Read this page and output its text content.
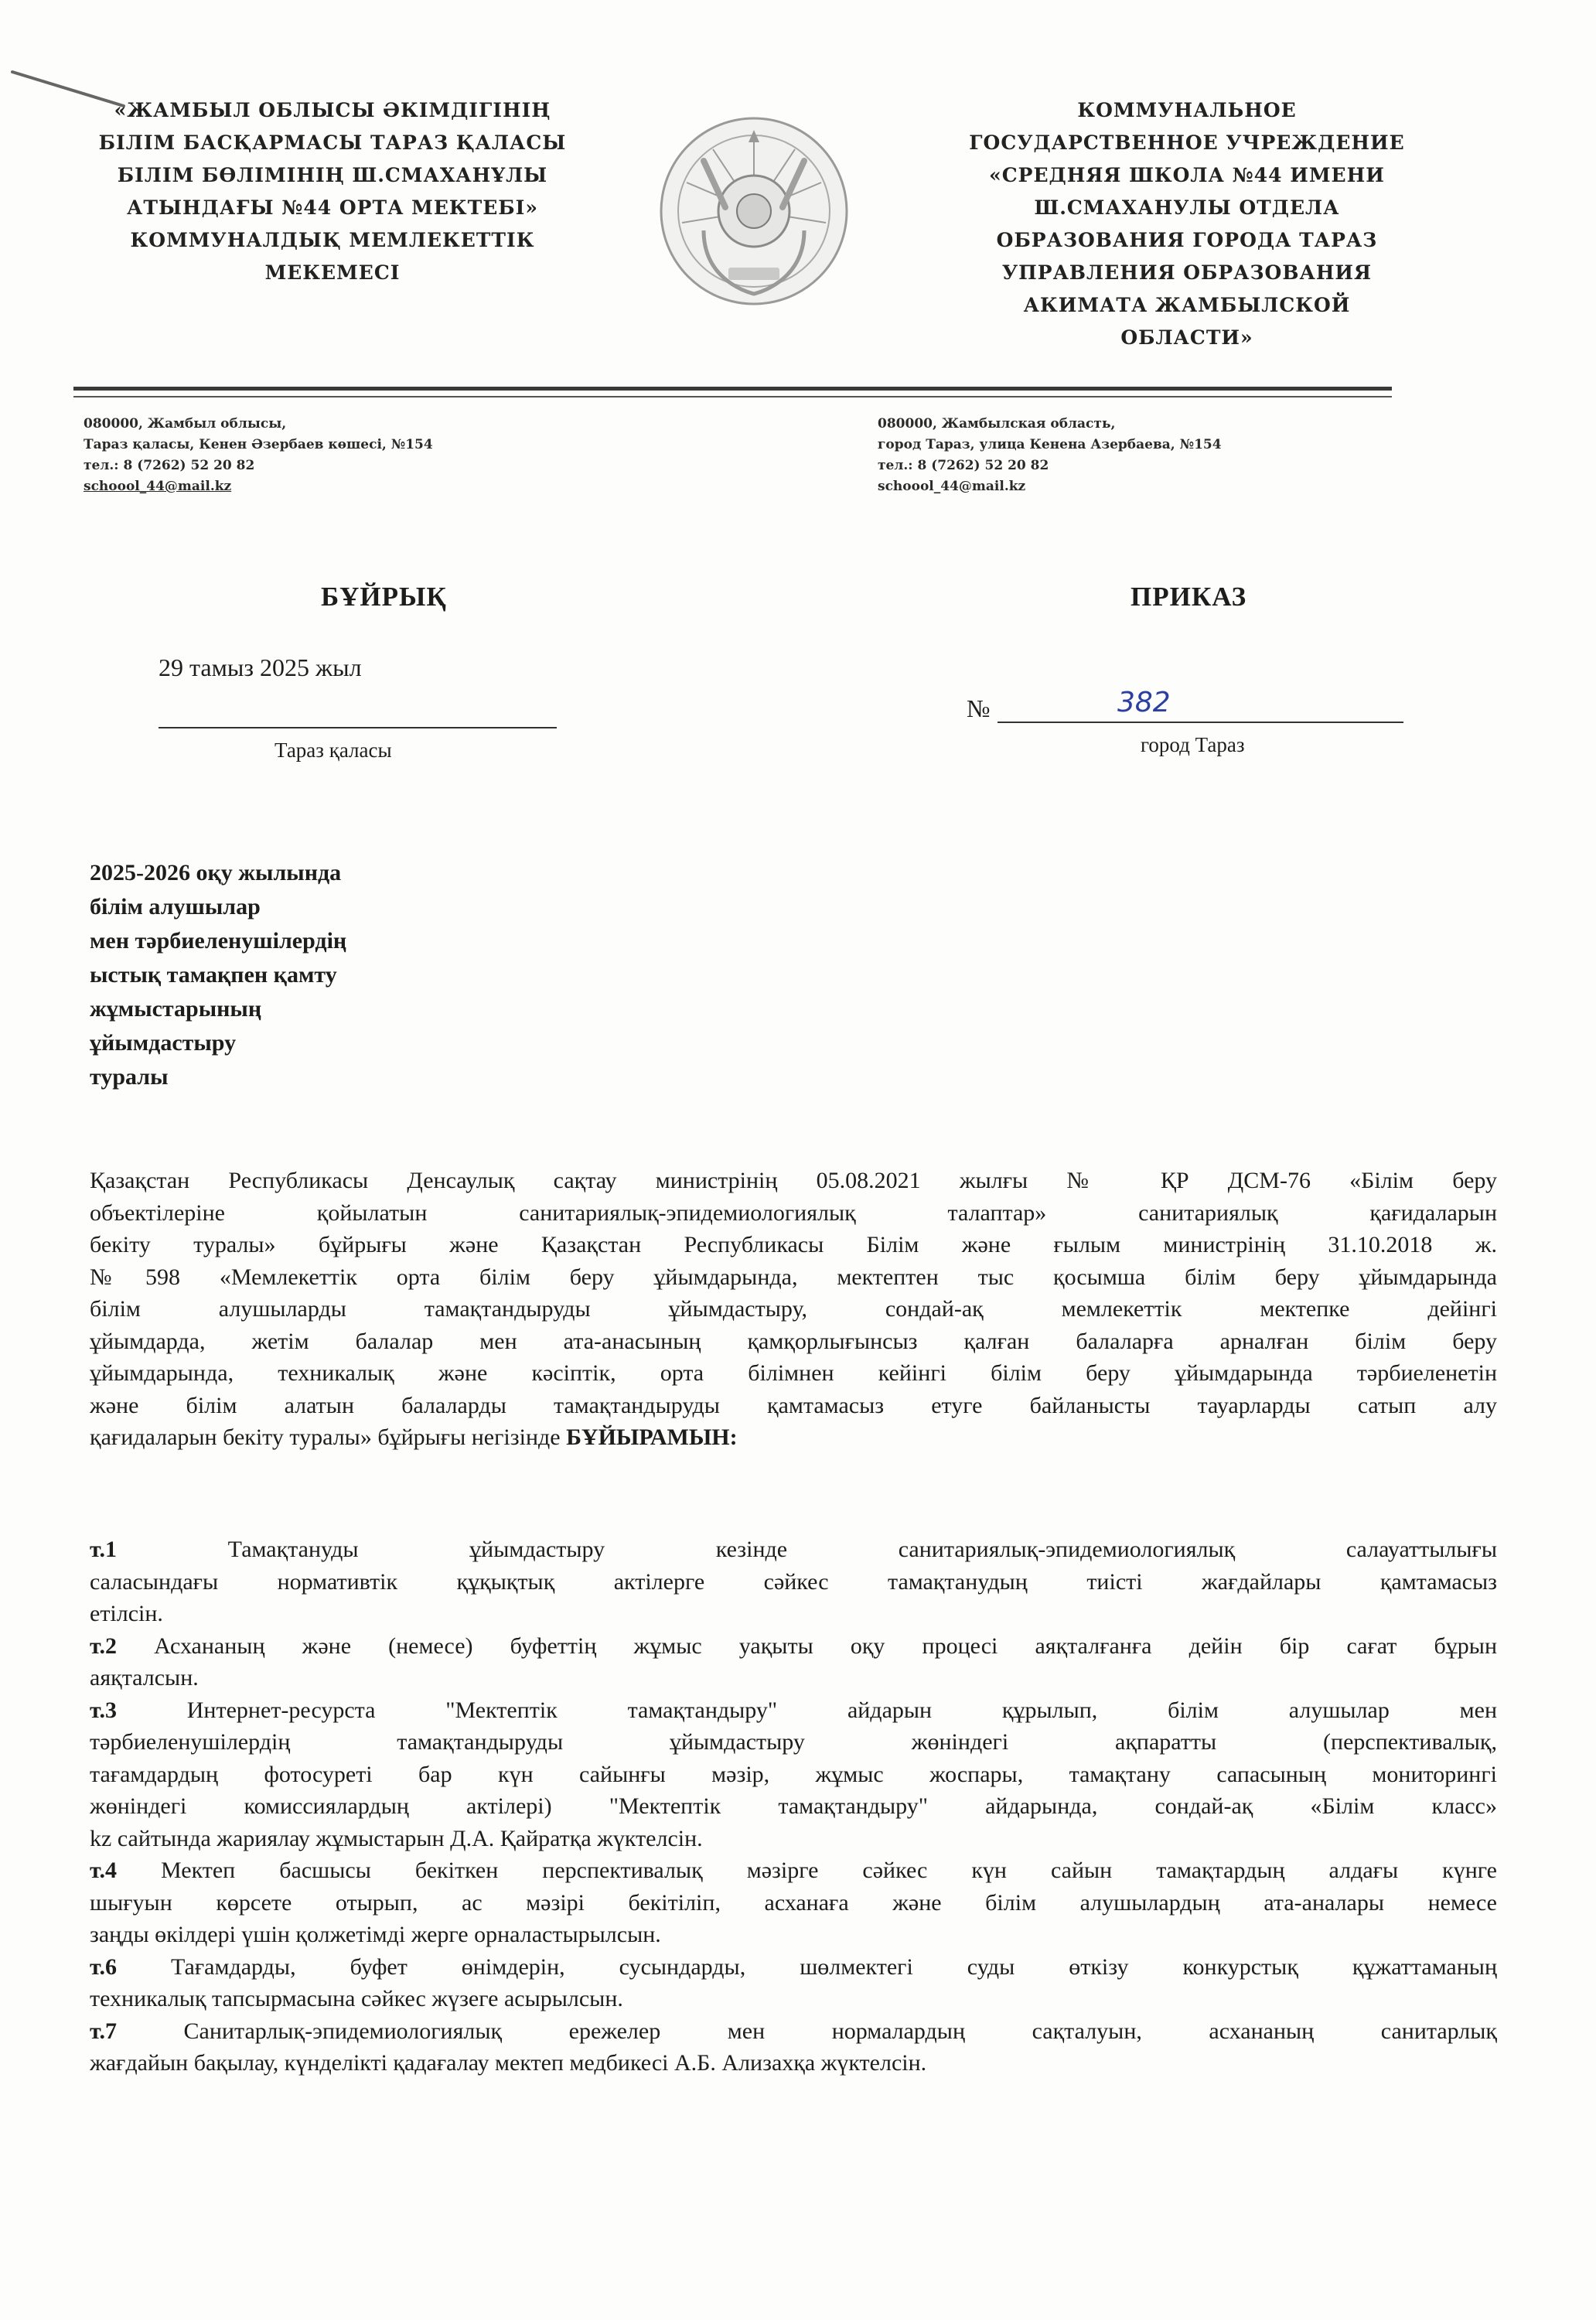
«ЖАМБЫЛ ОБЛЫСЫ ӘКІМДІГІНІҢ
БІЛІМ БАСҚАРМАСЫ ТАРАЗ ҚАЛАСЫ
БІЛІМ БӨЛІМІНІҢ Ш.СМАХАНҰЛЫ
АТЫНДАҒЫ №44 ОРТА МЕКТЕБІ»
КОММУНАЛДЫҚ МЕМЛЕКЕТТІК
МЕКЕМЕСІ
КОММУНАЛЬНОЕ
ГОСУДАРСТВЕННОЕ УЧРЕЖДЕНИЕ
«СРЕДНЯЯ ШКОЛА №44 ИМЕНИ
Ш.СМАХАНУЛЫ ОТДЕЛА
ОБРАЗОВАНИЯ ГОРОДА ТАРАЗ
УПРАВЛЕНИЯ ОБРАЗОВАНИЯ
АКИМАТА ЖАМБЫЛСКОЙ
ОБЛАСТИ»
080000, Жамбыл облысы,
Тараз қаласы, Кенен Әзербаев көшесі, №154
тел.: 8 (7262) 52 20 82
schoool_44@mail.kz
080000, Жамбылская область,
город Тараз, улица Кенена Азербаева, №154
тел.: 8 (7262) 52 20 82
schoool_44@mail.kz
БҰЙРЫҚ	ПРИКАЗ
29 тамыз 2025 жыл
Тараз қаласы
№	382
город Тараз
2025-2026 оқу жылында
білім алушылар
мен тәрбиеленушілердің
ыстық тамақпен қамту
жұмыстарының
ұйымдастыру
туралы
Қазақстан Республикасы Денсаулық сақтау министрінің 05.08.2021 жылғы № ҚР ДСМ-76 «Білім беру
объектілеріне қойылатын санитариялық-эпидемиологиялық талаптар» санитариялық қағидаларын
бекіту туралы» бұйрығы және Қазақстан Республикасы Білім және ғылым министрінің 31.10.2018 ж.
№598 «Мемлекеттік орта білім беру ұйымдарында, мектептен тыс қосымша білім беру ұйымдарында
білім алушыларды тамақтандыруды ұйымдастыру, сондай-ақ мемлекеттік мектепке дейінгі
ұйымдарда, жетім балалар мен ата-анасының қамқорлығынсыз қалған балаларға арналған білім беру
ұйымдарында, техникалық және кәсіптік, орта білімнен кейінгі білім беру ұйымдарында тәрбиеленетін
және білім алатын балаларды тамақтандыруды қамтамасыз етуге байланысты тауарларды сатып алу
қағидаларын бекіту туралы» бұйрығы негізінде БҰЙЫРАМЫН:
т.1 Тамақтануды ұйымдастыру кезінде санитариялық-эпидемиологиялық салауаттылығы
саласындағы нормативтік құқықтық актілерге сәйкес тамақтанудың тиісті жағдайлары қамтамасыз
етілсін.
т.2 Асхананың және (немесе) буфеттің жұмыс уақыты оқу процесі аяқталғанға дейін бір сағат бұрын
аяқталсын.
т.3 Интернет-ресурста "Мектептік тамақтандыру" айдарын құрылып, білім алушылар мен
тәрбиеленушілердің тамақтандыруды ұйымдастыру жөніндегі ақпаратты (перспективалық,
тағамдардың фотосуреті бар күн сайынғы мәзір, жұмыс жоспары, тамақтану сапасының мониторингі
жөніндегі комиссиялардың актілері) "Мектептік тамақтандыру" айдарында, сондай-ақ «Білім класс»
kz сайтында жариялау жұмыстарын Д.А. Қайратқа жүктелсін.
т.4 Мектеп басшысы бекіткен перспективалық мәзірге сәйкес күн сайын тамақтардың алдағы күнге
шығуын көрсете отырып, ас мәзірі бекітіліп, асханаға және білім алушылардың ата-аналары немесе
заңды өкілдері үшін қолжетімді жерге орналастырылсын.
т.6 Тағамдарды, буфет өнімдерін, сусындарды, шөлмектегі суды өткізу конкурстық құжаттаманың
техникалық тапсырмасына сәйкес жүзеге асырылсын.
т.7 Санитарлық-эпидемиологиялық ережелер мен нормалардың сақталуын, асхананың санитарлық
жағдайын бақылау, күнделікті қадағалау мектеп медбикесі А.Б. Ализахқа жүктелсін.
